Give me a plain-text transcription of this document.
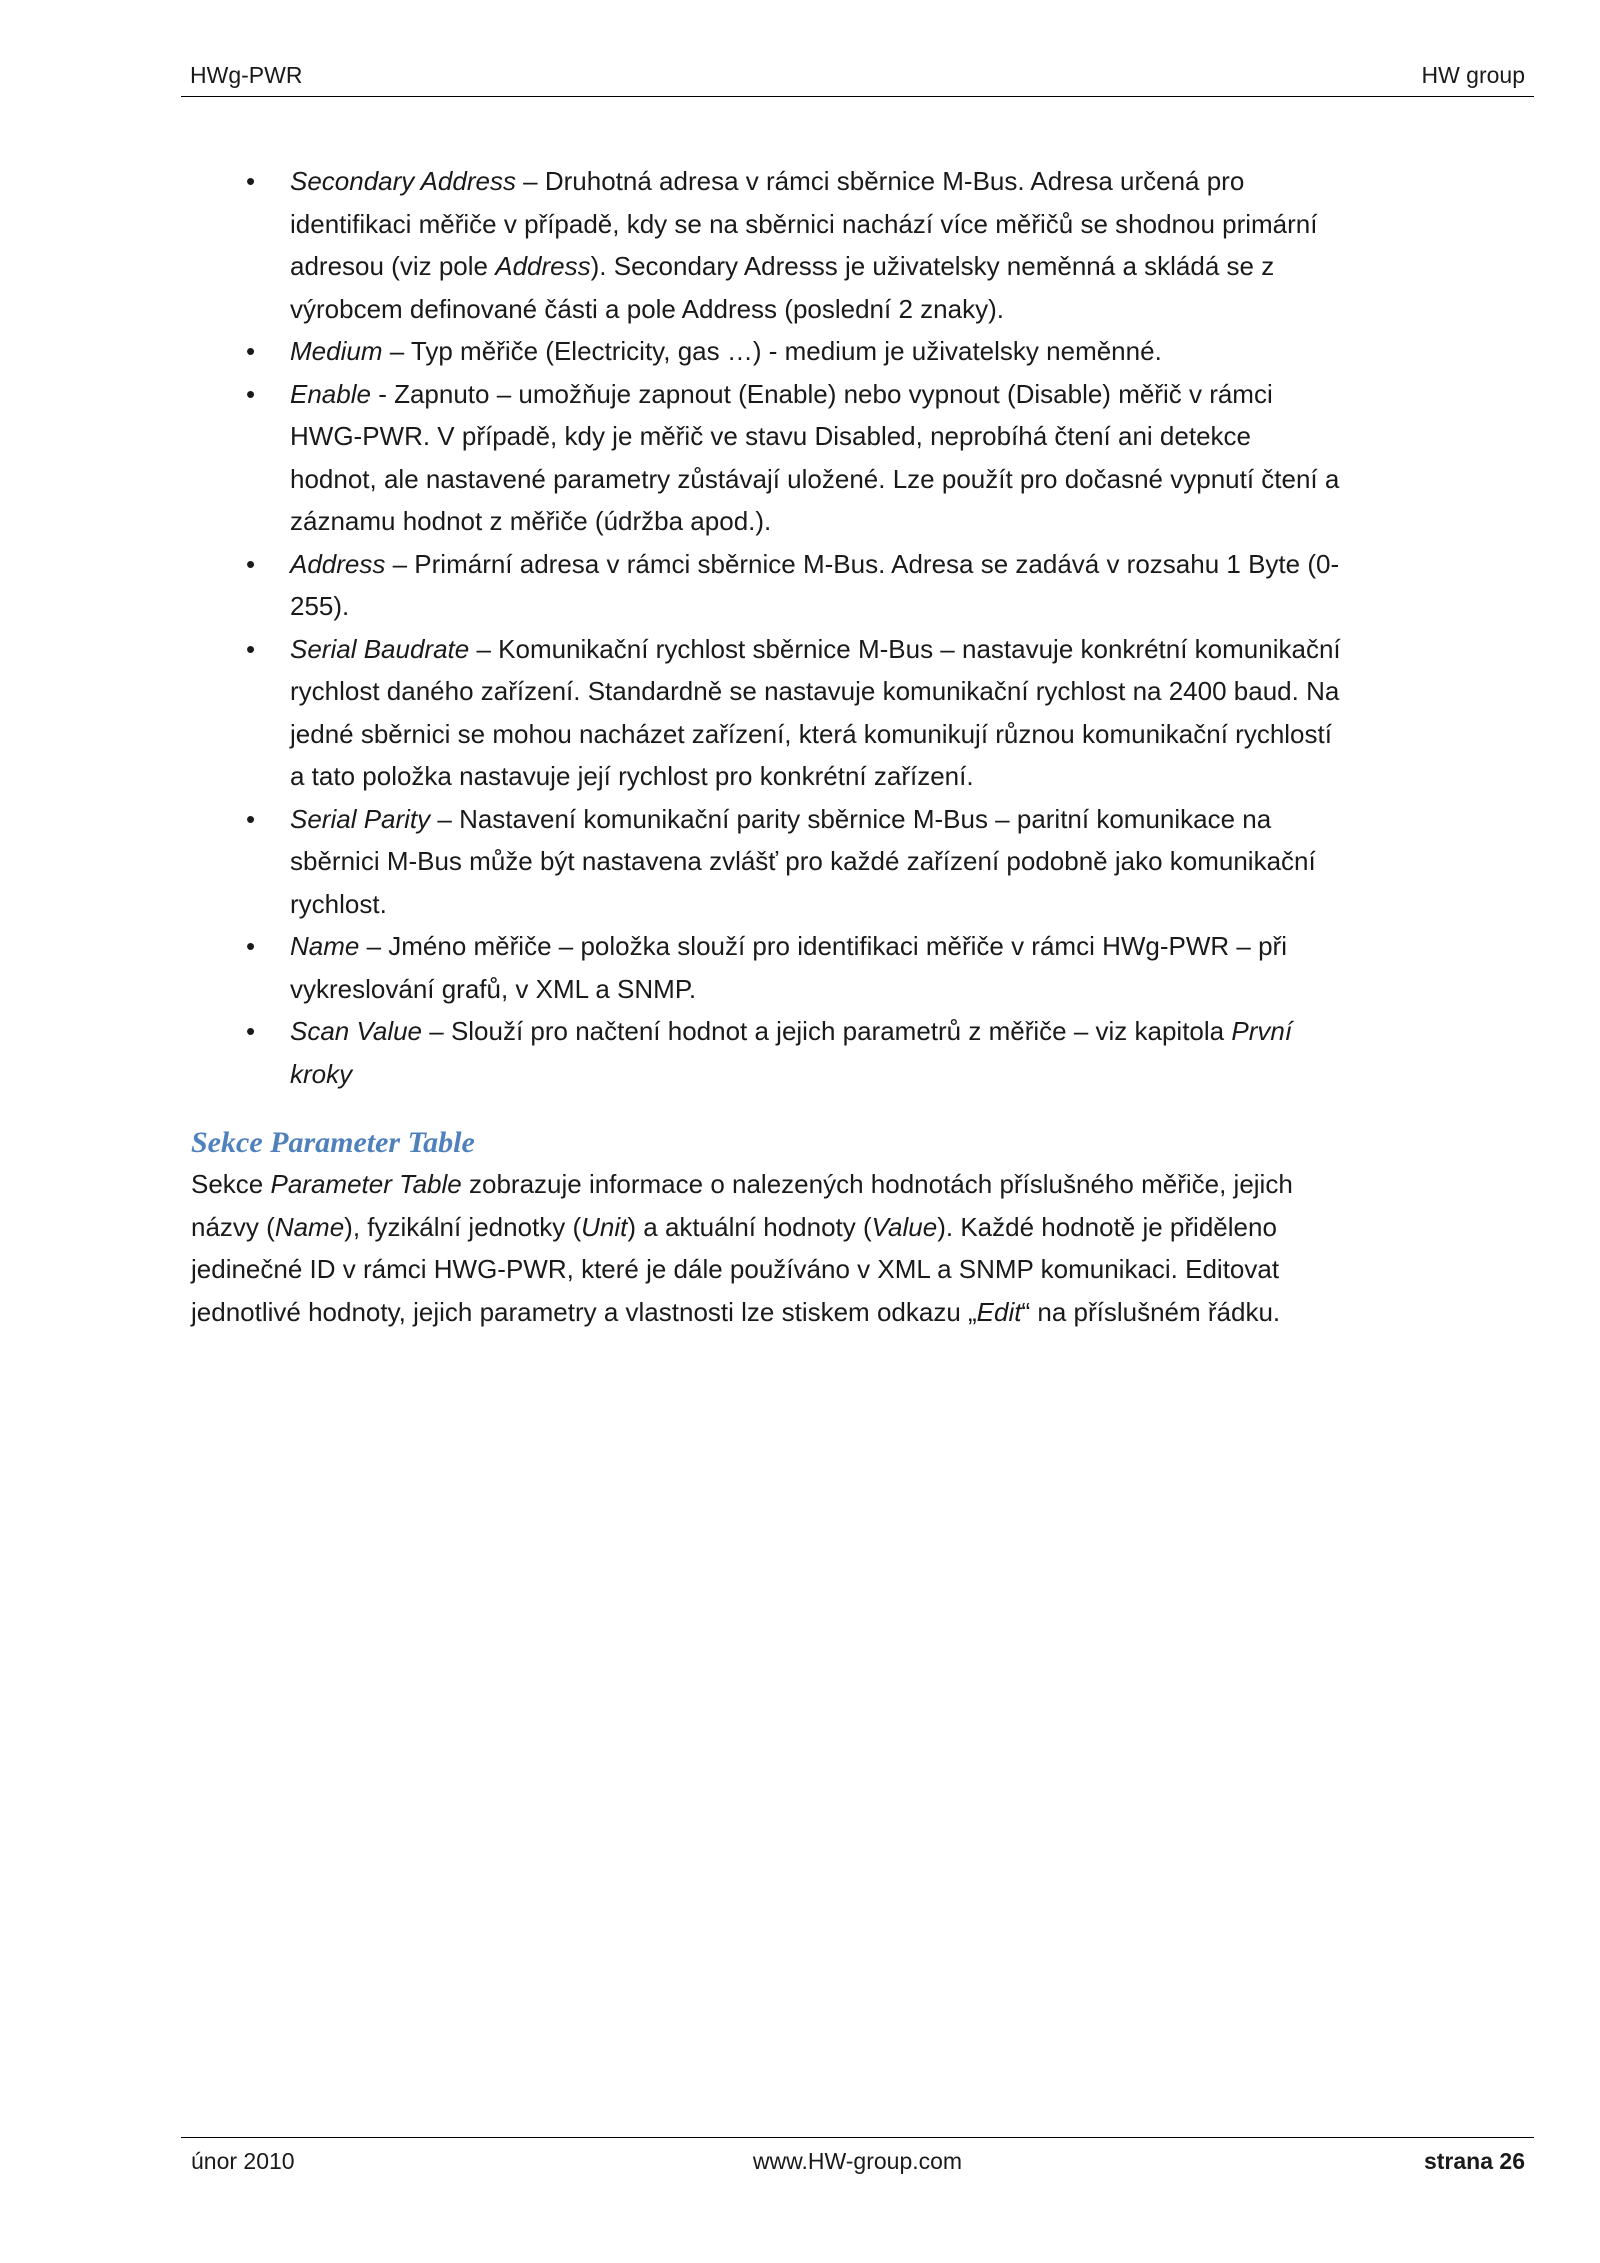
HWg-PWR	HW group
• Secondary Address – Druhotná adresa v rámci sběrnice M-Bus. Adresa určená pro identifikaci měřiče v případě, kdy se na sběrnici nachází více měřičů se shodnou primární adresou (viz pole Address). Secondary Adresss je uživatelsky neměnná a skládá se z výrobcem definované části a pole Address (poslední 2 znaky).
• Medium – Typ měřiče (Electricity, gas …) - medium je uživatelsky neměnné.
• Enable - Zapnuto – umožňuje zapnout (Enable) nebo vypnout (Disable) měřič v rámci HWG-PWR. V případě, kdy je měřič ve stavu Disabled, neprobíhá čtení ani detekce hodnot, ale nastavené parametry zůstávají uložené. Lze použít pro dočasné vypnutí čtení a záznamu hodnot z měřiče (údržba apod.).
• Address – Primární adresa v rámci sběrnice M-Bus. Adresa se zadává v rozsahu 1 Byte (0-255).
• Serial Baudrate – Komunikační rychlost sběrnice M-Bus – nastavuje konkrétní komunikační rychlost daného zařízení. Standardně se nastavuje komunikační rychlost na 2400 baud. Na jedné sběrnici se mohou nacházet zařízení, která komunikují různou komunikační rychlostí a tato položka nastavuje její rychlost pro konkrétní zařízení.
• Serial Parity – Nastavení komunikační parity sběrnice M-Bus – paritní komunikace na sběrnici M-Bus může být nastavena zvlášť pro každé zařízení podobně jako komunikační rychlost.
• Name – Jméno měřiče – položka slouží pro identifikaci měřiče v rámci HWg-PWR – při vykreslování grafů, v XML a SNMP.
• Scan Value – Slouží pro načtení hodnot a jejich parametrů z měřiče – viz kapitola První kroky
Sekce Parameter Table

Sekce Parameter Table zobrazuje informace o nalezených hodnotách příslušného měřiče, jejich názvy (Name), fyzikální jednotky (Unit) a aktuální hodnoty (Value). Každé hodnotě je přiděleno jedinečné ID v rámci HWG-PWR, které je dále používáno v XML a SNMP komunikaci. Editovat jednotlivé hodnoty, jejich parametry a vlastnosti lze stiskem odkazu „Edit“ na příslušném řádku.

únor 2010	www.HW-group.com	strana 26
